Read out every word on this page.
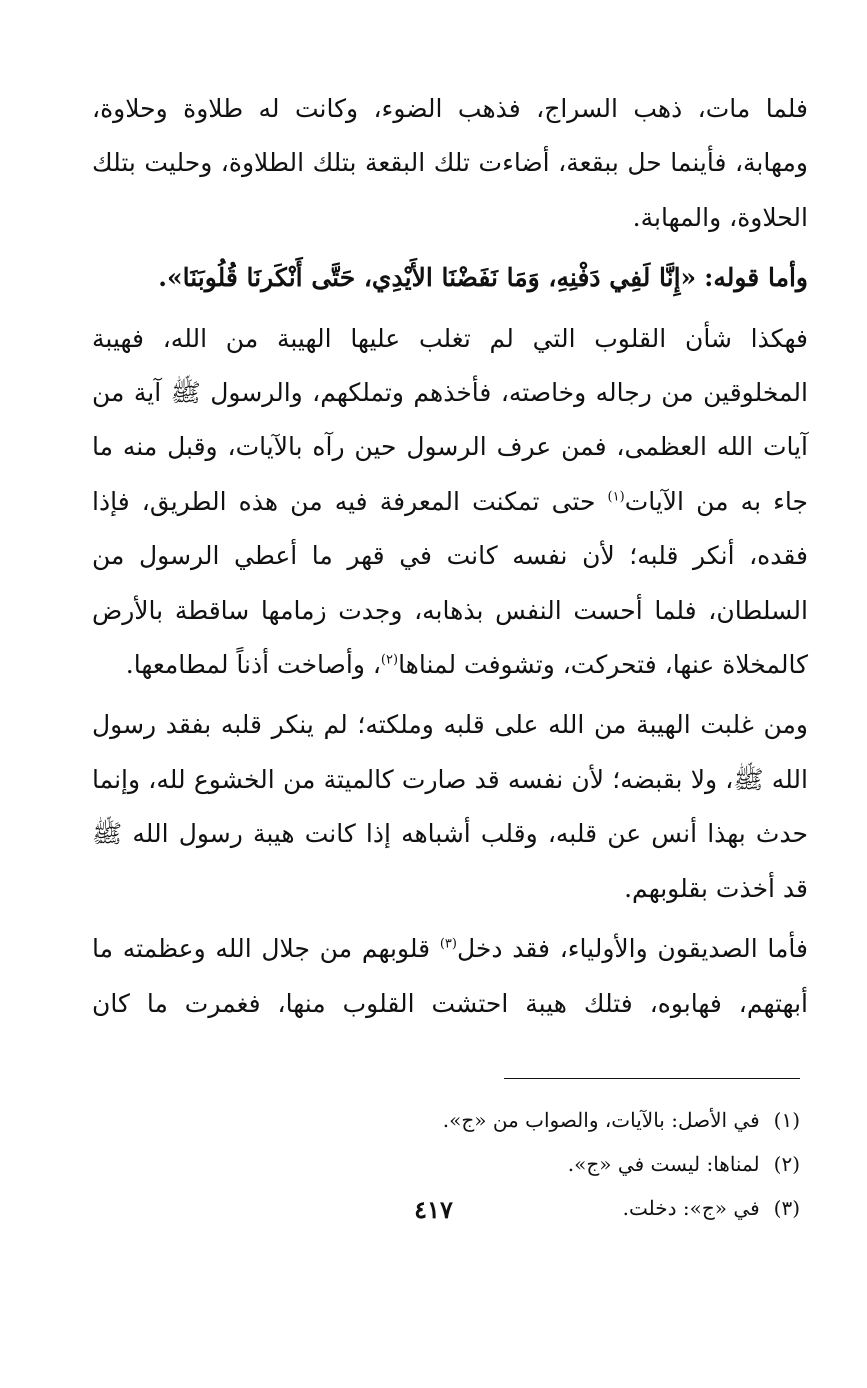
فلما مات، ذهب السراج، فذهب الضوء، وكانت له طلاوة وحلاوة، ومهابة، فأينما حل ببقعة، أضاءت تلك البقعة بتلك الطلاوة، وحليت بتلك الحلاوة، والمهابة.

وأما قوله: «إِنَّا لَفِي دَفْنِهِ، وَمَا نَفَضْنَا الأَيْدِي، حَتَّى أَنْكَرنَا قُلُوبَنَا».

فهكذا شأن القلوب التي لم تغلب عليها الهيبة من الله، فهيبة المخلوقين من رجاله وخاصته، فأخذهم وتملكهم، والرسول ﷺ آية من آيات الله العظمى، فمن عرف الرسول حين رآه بالآيات، وقبل منه ما جاء به من الآيات$^{(١)}$ حتى تمكنت المعرفة فيه من هذه الطريق، فإذا فقده، أنكر قلبه؛ لأن نفسه كانت في قهر ما أعطي الرسول من السلطان، فلما أحست النفس بذهابه، وجدت زمامها ساقطة بالأرض كالمخلاة عنها، فتحركت، وتشوفت لمناها$^{(٢)}$، وأصاخت أذناً لمطامعها.

ومن غلبت الهيبة من الله على قلبه وملكته؛ لم ينكر قلبه بفقد رسول الله ﷺ، ولا بقبضه؛ لأن نفسه قد صارت كالميتة من الخشوع لله، وإنما حدث بهذا أنس عن قلبه، وقلب أشباهه إذا كانت هيبة رسول الله ﷺ قد أخذت بقلوبهم.

فأما الصديقون والأولياء، فقد دخل$^{(٣)}$ قلوبهم من جلال الله وعظمته ما أبهتهم، فهابوه، فتلك هيبة احتشت القلوب منها، فغمرت ما كان

(١)في الأصل: بالآيات، والصواب من «ج».

(٢)لمناها: ليست في «ج».

(٣)في «ج»: دخلت.

٤١٧
